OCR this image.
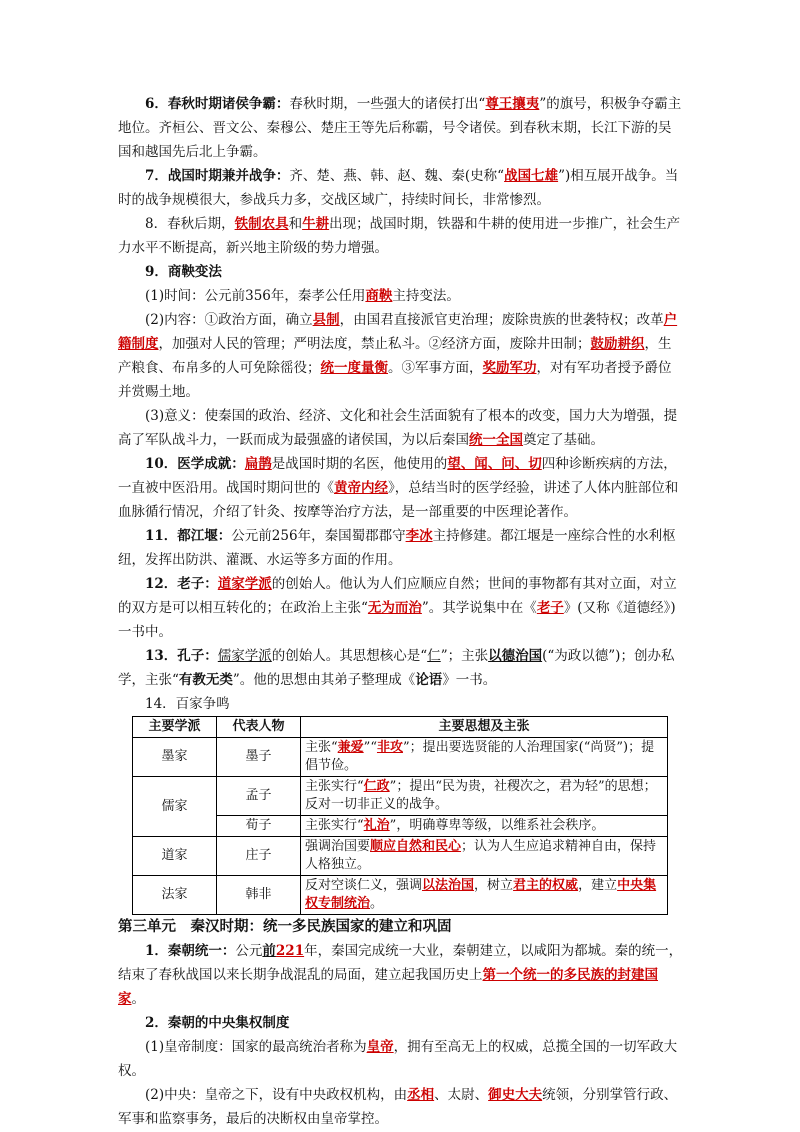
6．春秋时期诸侯争霸：春秋时期，一些强大的诸侯打出“尊王攘夷”的旗号，积极争夺霸主地位。齐桓公、晋文公、秦穆公、楚庄王等先后称霸，号令诸侯。到春秋末期，长江下游的吴国和越国先后北上争霸。

7．战国时期兼并战争：齐、楚、燕、韩、赵、魏、秦(史称“战国七雄”)相互展开战争。当时的战争规模很大，参战兵力多，交战区域广，持续时间长，非常惨烈。

8．春秋后期，铁制农具和牛耕出现；战国时期，铁器和牛耕的使用进一步推广，社会生产力水平不断提高，新兴地主阶级的势力增强。

9．商鞅变法

(1)时间：公元前356年，秦孝公任用商鞅主持变法。

(2)内容：①政治方面，确立县制，由国君直接派官吏治理；废除贵族的世袭特权；改革户籍制度，加强对人民的管理；严明法度，禁止私斗。②经济方面，废除井田制；鼓励耕织，生产粮食、布帛多的人可免除徭役；统一度量衡。③军事方面，奖励军功，对有军功者授予爵位并赏赐土地。

(3)意义：使秦国的政治、经济、文化和社会生活面貌有了根本的改变，国力大为增强，提高了军队战斗力，一跃而成为最强盛的诸侯国，为以后秦国统一全国奠定了基础。

10．医学成就：扁鹊是战国时期的名医，他使用的望、闻、问、切四种诊断疾病的方法，一直被中医沿用。战国时期问世的《黄帝内经》，总结当时的医学经验，讲述了人体内脏部位和血脉循行情况，介绍了针灸、按摩等治疗方法，是一部重要的中医理论著作。

11．都江堰：公元前256年，秦国蜀郡郡守李冰主持修建。都江堰是一座综合性的水利枢纽，发挥出防洪、灌溉、水运等多方面的作用。

12．老子：道家学派的创始人。他认为人们应顺应自然；世间的事物都有其对立面，对立的双方是可以相互转化的；在政治上主张“无为而治”。其学说集中在《老子》(又称《道德经》)一书中。

13．孔子：儒家学派的创始人。其思想核心是“仁”；主张以德治国(“为政以德”)；创办私学，主张“有教无类”。他的思想由其弟子整理成《论语》一书。

14．百家争鸣

主要学派	代表人物	主要思想及主张
墨家	墨子	主张“兼爱”“非攻”；提出要选贤能的人治理国家(“尚贤”)；提倡节俭。
儒家	孟子	主张实行“仁政”；提出“民为贵，社稷次之，君为轻”的思想；反对一切非正义的战争。
	荀子	主张实行“礼治”，明确尊卑等级，以维系社会秩序。
道家	庄子	强调治国要顺应自然和民心；认为人生应追求精神自由，保持人格独立。
法家	韩非	反对空谈仁义，强调以法治国，树立君主的权威，建立中央集权专制统治。

第三单元　秦汉时期：统一多民族国家的建立和巩固

1．秦朝统一：公元前221年，秦国完成统一大业，秦朝建立，以咸阳为都城。秦的统一，结束了春秋战国以来长期争战混乱的局面，建立起我国历史上第一个统一的多民族的封建国家。

2．秦朝的中央集权制度

(1)皇帝制度：国家的最高统治者称为皇帝，拥有至高无上的权威，总揽全国的一切军政大权。

(2)中央：皇帝之下，设有中央政权机构，由丞相、太尉、御史大夫统领，分别掌管行政、军事和监察事务，最后的决断权由皇帝掌控。
